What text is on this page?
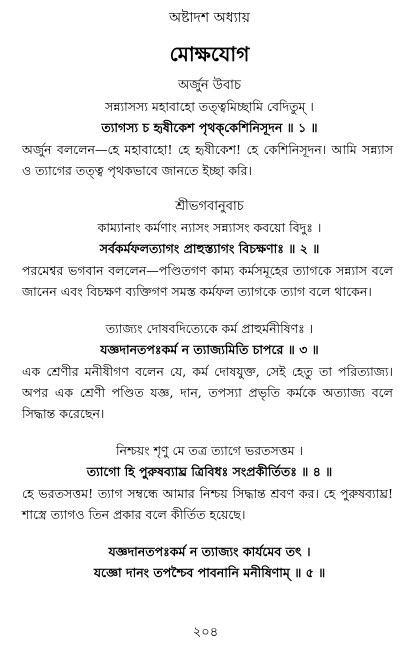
অষ্টাদশ অধ্যায়
মোক্ষযোগ
অর্জুন উবাচ
সন্ন্যাসস্য মহাবাহো তত্ত্বমিচ্ছামি বেদিতুম্ ।
ত্যাগস্য চ হৃষীকেশ পৃথক্‌কেশিনিসূদন ॥ ১ ॥

অর্জুন বললেন—হে মহাবাহো! হে হৃষীকেশ! হে কেশিনিসূদন। আমি সন্ন্যাস ও ত্যাগের তত্ত্ব পৃথকভাবে জানতে ইচ্ছা করি।

শ্রীভগবানুবাচ
কাম্যানাং কর্মণাং ন্যাসং সন্ন্যাসং কবয়ো বিদুঃ ।
সর্বকর্মফলত্যাগং প্রাহুস্ত্যাগং বিচক্ষণাঃ ॥ ২ ॥

পরমেশ্বর ভগবান বললেন—পণ্ডিতগণ কাম্য কর্মসমূহের ত্যাগকে সন্ন্যাস বলে জানেন এবং বিচক্ষণ ব্যক্তিগণ সমস্ত কর্মফল ত্যাগকে ত্যাগ বলে থাকেন।

ত্যাজ্যং দোষবদিত্যেকে কর্ম প্রাহুর্মনীষিণঃ ।
যজ্ঞদানতপঃকর্ম ন ত্যাজ্যমিতি চাপরে ॥ ৩ ॥

এক শ্রেণীর মনীষীগণ বলেন যে, কর্ম দোষযুক্ত, সেই হেতু তা পরিত্যাজ্য। অপর এক শ্রেণী পণ্ডিত যজ্ঞ, দান, তপস্যা প্রভৃতি কর্মকে অত্যাজ্য বলে সিদ্ধান্ত করেছেন।

নিশ্চয়ং শৃণু মে তত্র ত্যাগে ভরতসত্তম ।
ত্যাগো হি পুরুষব্যাঘ্র ত্রিবিধঃ সংপ্রকীর্তিতঃ ॥ ৪ ॥

হে ভরতসত্তম! ত্যাগ সম্বন্ধে আমার নিশ্চয় সিদ্ধান্ত শ্রবণ কর। হে পুরুষব্যাঘ্র! শাস্ত্রে ত্যাগও তিন প্রকার বলে কীর্তিত হয়েছে।

যজ্ঞদানতপঃকর্ম ন ত্যাজ্যং কার্যমেব তৎ ।
যজ্ঞো দানং তপশ্চৈব পাবনানি মনীষিণাম্ ॥ ৫ ॥
২০৪
